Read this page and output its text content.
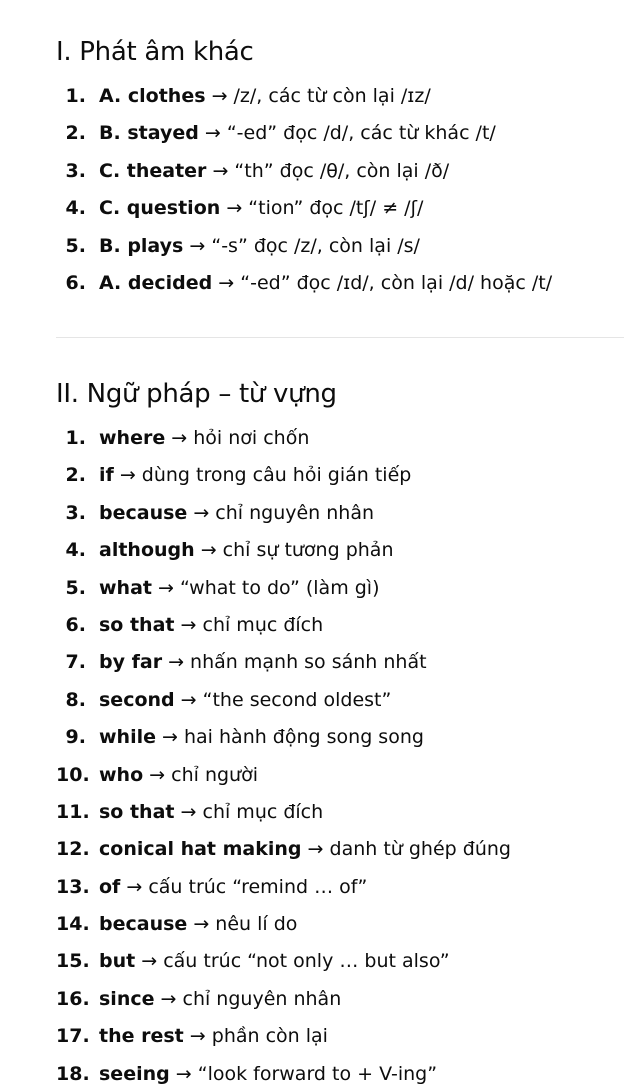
I. Phát âm khác
1. A. clothes → /z/, các từ còn lại /ɪz/
2. B. stayed → “-ed” đọc /d/, các từ khác /t/
3. C. theater → “th” đọc /θ/, còn lại /ð/
4. C. question → “tion” đọc /tʃ/ ≠ /ʃ/
5. B. plays → “-s” đọc /z/, còn lại /s/
6. A. decided → “-ed” đọc /ɪd/, còn lại /d/ hoặc /t/
II. Ngữ pháp – từ vựng
1. where → hỏi nơi chốn
2. if → dùng trong câu hỏi gián tiếp
3. because → chỉ nguyên nhân
4. although → chỉ sự tương phản
5. what → “what to do” (làm gì)
6. so that → chỉ mục đích
7. by far → nhấn mạnh so sánh nhất
8. second → “the second oldest”
9. while → hai hành động song song
10. who → chỉ người
11. so that → chỉ mục đích
12. conical hat making → danh từ ghép đúng
13. of → cấu trúc “remind … of”
14. because → nêu lí do
15. but → cấu trúc “not only … but also”
16. since → chỉ nguyên nhân
17. the rest → phần còn lại
18. seeing → “look forward to + V-ing”
